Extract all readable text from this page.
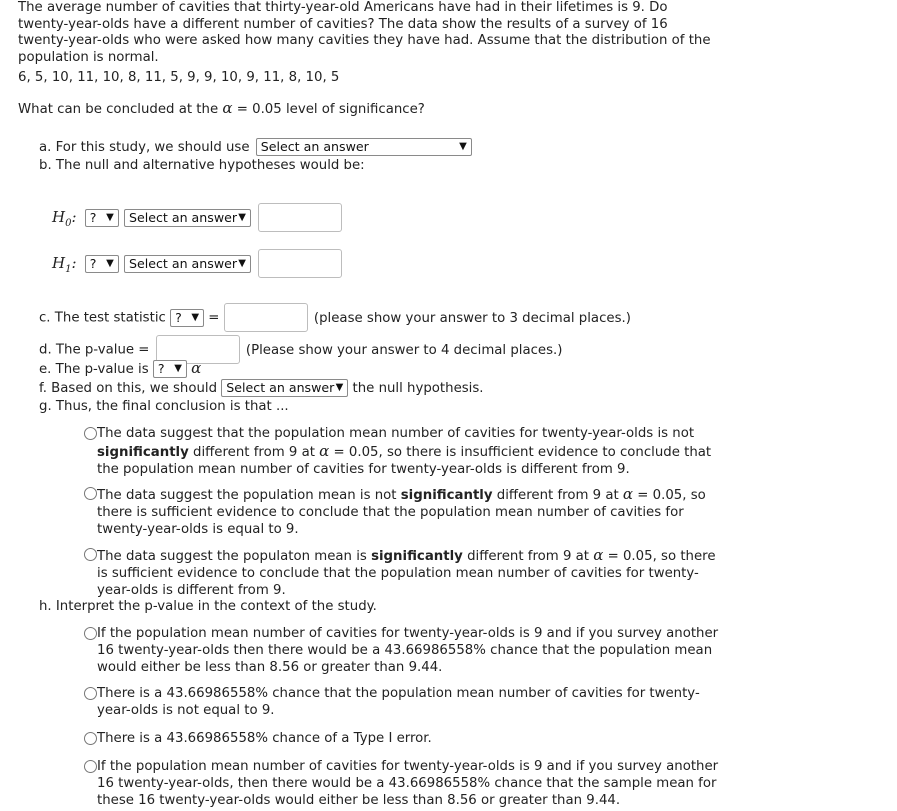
The average number of cavities that thirty-year-old Americans have had in their lifetimes is 9. Do twenty-year-olds have a different number of cavities? The data show the results of a survey of 16 twenty-year-olds who were asked how many cavities they have had. Assume that the distribution of the population is normal.
6, 5, 10, 11, 10, 8, 11, 5, 9, 9, 10, 9, 11, 8, 10, 5
What can be concluded at the α = 0.05 level of significance?
a. For this study, we should use Select an answer	▼
b. The null and alternative hypotheses would be:
$H_0$: ? ▼ Select an answer ▼

$H_1$: ? ▼ Select an answer ▼

c. The test statistic ? ▼ =	(please show your answer to 3 decimal places.)
d. The p-value =	(Please show your answer to 4 decimal places.)
e. The p-value is ? ▼ α
f. Based on this, we should Select an answer ▼ the null hypothesis.
g. Thus, the final conclusion is that ...
The data suggest that the population mean number of cavities for twenty-year-olds is not significantly different from 9 at α = 0.05, so there is insufficient evidence to conclude that the population mean number of cavities for twenty-year-olds is different from 9.
The data suggest the population mean is not significantly different from 9 at α = 0.05, so there is sufficient evidence to conclude that the population mean number of cavities for twenty-year-olds is equal to 9.
The data suggest the populaton mean is significantly different from 9 at α = 0.05, so there is sufficient evidence to conclude that the population mean number of cavities for twenty-year-olds is different from 9.
h. Interpret the p-value in the context of the study.
If the population mean number of cavities for twenty-year-olds is 9 and if you survey another 16 twenty-year-olds then there would be a 43.66986558% chance that the population mean would either be less than 8.56 or greater than 9.44.
There is a 43.66986558% chance that the population mean number of cavities for twenty-year-olds is not equal to 9.
There is a 43.66986558% chance of a Type I error.
If the population mean number of cavities for twenty-year-olds is 9 and if you survey another 16 twenty-year-olds, then there would be a 43.66986558% chance that the sample mean for these 16 twenty-year-olds would either be less than 8.56 or greater than 9.44.
